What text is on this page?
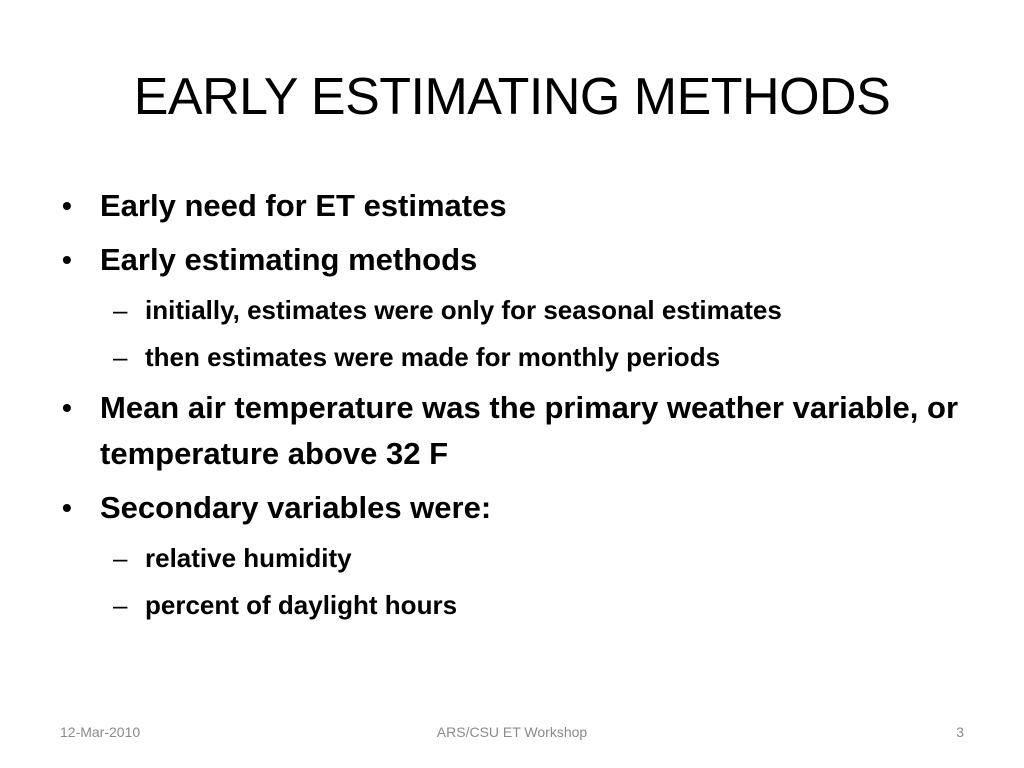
EARLY ESTIMATING METHODS
• Early need for ET estimates
• Early estimating methods
– initially, estimates were only for seasonal estimates
– then estimates were made for monthly periods
• Mean air temperature was the primary weather variable, or temperature above 32 F
• Secondary variables were:
– relative humidity
– percent of daylight hours
12-Mar-2010	ARS/CSU ET Workshop	3
